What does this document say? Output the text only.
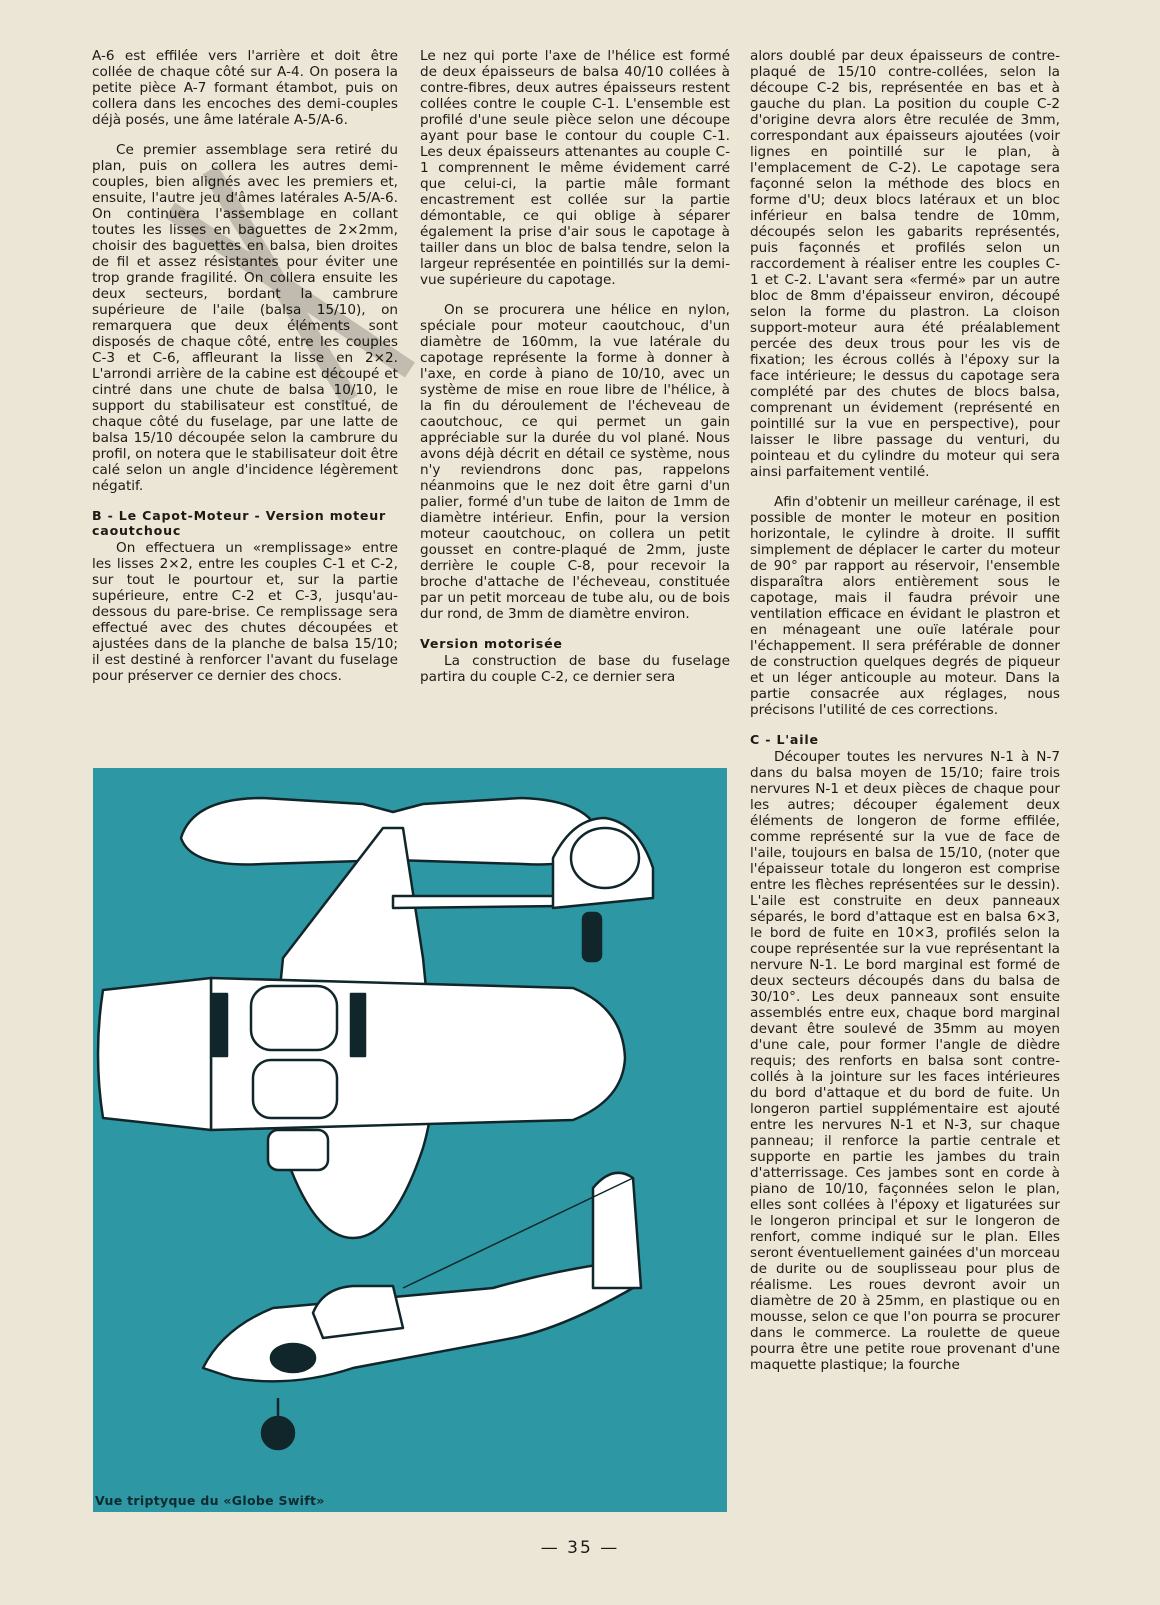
A-6 est effilée vers l'arrière et doit être collée de chaque côté sur A-4. On posera la petite pièce A-7 formant étambot, puis on collera dans les encoches des demi-couples déjà posés, une âme latérale A-5/A-6.

Ce premier assemblage sera retiré du plan, puis on collera les autres demi-couples, bien alignés avec les premiers et, ensuite, l'autre jeu d'âmes latérales A-5/A-6. On continuera l'assemblage en collant toutes les lisses en baguettes de 2×2mm, choisir des baguettes en balsa, bien droites de fil et assez résistantes pour éviter une trop grande fragilité. On collera ensuite les deux secteurs, bordant la cambrure supérieure de l'aile (balsa 15/10), on remarquera que deux éléments sont disposés de chaque côté, entre les couples C-3 et C-6, affleurant la lisse en 2×2. L'arrondi arrière de la cabine est découpé et cintré dans une chute de balsa 10/10, le support du stabilisateur est constitué, de chaque côté du fuselage, par une latte de balsa 15/10 découpée selon la cambrure du profil, on notera que le stabilisateur doit être calé selon un angle d'incidence légèrement négatif.

B - Le Capot-Moteur - Version moteur caoutchouc

On effectuera un «remplissage» entre les lisses 2×2, entre les couples C-1 et C-2, sur tout le pourtour et, sur la partie supérieure, entre C-2 et C-3, jusqu'au-dessous du pare-brise. Ce remplissage sera effectué avec des chutes découpées et ajustées dans de la planche de balsa 15/10; il est destiné à renforcer l'avant du fuselage pour préserver ce dernier des chocs.

Le nez qui porte l'axe de l'hélice est formé de deux épaisseurs de balsa 40/10 collées à contre-fibres, deux autres épaisseurs restent collées contre le couple C-1. L'ensemble est profilé d'une seule pièce selon une découpe ayant pour base le contour du couple C-1. Les deux épaisseurs attenantes au couple C-1 comprennent le même évidement carré que celui-ci, la partie mâle formant encastrement est collée sur la partie démontable, ce qui oblige à séparer également la prise d'air sous le capotage à tailler dans un bloc de balsa tendre, selon la largeur représentée en pointillés sur la demi-vue supérieure du capotage.

On se procurera une hélice en nylon, spéciale pour moteur caoutchouc, d'un diamètre de 160mm, la vue latérale du capotage représente la forme à donner à l'axe, en corde à piano de 10/10, avec un système de mise en roue libre de l'hélice, à la fin du déroulement de l'écheveau de caoutchouc, ce qui permet un gain appréciable sur la durée du vol plané. Nous avons déjà décrit en détail ce système, nous n'y reviendrons donc pas, rappelons néanmoins que le nez doit être garni d'un palier, formé d'un tube de laiton de 1mm de diamètre intérieur. Enfin, pour la version moteur caoutchouc, on collera un petit gousset en contre-plaqué de 2mm, juste derrière le couple C-8, pour recevoir la broche d'attache de l'écheveau, constituée par un petit morceau de tube alu, ou de bois dur rond, de 3mm de diamètre environ.

Version motorisée

La construction de base du fuselage partira du couple C-2, ce dernier sera

alors doublé par deux épaisseurs de contre-plaqué de 15/10 contre-collées, selon la découpe C-2 bis, représentée en bas et à gauche du plan. La position du couple C-2 d'origine devra alors être reculée de 3mm, correspondant aux épaisseurs ajoutées (voir lignes en pointillé sur le plan, à l'emplacement de C-2). Le capotage sera façonné selon la méthode des blocs en forme d'U; deux blocs latéraux et un bloc inférieur en balsa tendre de 10mm, découpés selon les gabarits représentés, puis façonnés et profilés selon un raccordement à réaliser entre les couples C-1 et C-2. L'avant sera «fermé» par un autre bloc de 8mm d'épaisseur environ, découpé selon la forme du plastron. La cloison support-moteur aura été préalablement percée des deux trous pour les vis de fixation; les écrous collés à l'époxy sur la face intérieure; le dessus du capotage sera complété par des chutes de blocs balsa, comprenant un évidement (représenté en pointillé sur la vue en perspective), pour laisser le libre passage du venturi, du pointeau et du cylindre du moteur qui sera ainsi parfaitement ventilé.

Afin d'obtenir un meilleur carénage, il est possible de monter le moteur en position horizontale, le cylindre à droite. Il suffit simplement de déplacer le carter du moteur de 90° par rapport au réservoir, l'ensemble disparaîtra alors entièrement sous le capotage, mais il faudra prévoir une ventilation efficace en évidant le plastron et en ménageant une ouïe latérale pour l'échappement. Il sera préférable de donner de construction quelques degrés de piqueur et un léger anticouple au moteur. Dans la partie consacrée aux réglages, nous précisons l'utilité de ces corrections.

C - L'aile

Découper toutes les nervures N-1 à N-7 dans du balsa moyen de 15/10; faire trois nervures N-1 et deux pièces de chaque pour les autres; découper également deux éléments de longeron de forme effilée, comme représenté sur la vue de face de l'aile, toujours en balsa de 15/10, (noter que l'épaisseur totale du longeron est comprise entre les flèches représentées sur le dessin). L'aile est construite en deux panneaux séparés, le bord d'attaque est en balsa 6×3, le bord de fuite en 10×3, profilés selon la coupe représentée sur la vue représentant la nervure N-1. Le bord marginal est formé de deux secteurs découpés dans du balsa de 30/10°. Les deux panneaux sont ensuite assemblés entre eux, chaque bord marginal devant être soulevé de 35mm au moyen d'une cale, pour former l'angle de dièdre requis; des renforts en balsa sont contre-collés à la jointure sur les faces intérieures du bord d'attaque et du bord de fuite. Un longeron partiel supplémentaire est ajouté entre les nervures N-1 et N-3, sur chaque panneau; il renforce la partie centrale et supporte en partie les jambes du train d'atterrissage. Ces jambes sont en corde à piano de 10/10, façonnées selon le plan, elles sont collées à l'époxy et ligaturées sur le longeron principal et sur le longeron de renfort, comme indiqué sur le plan. Elles seront éventuellement gainées d'un morceau de durite ou de souplisseau pour plus de réalisme. Les roues devront avoir un diamètre de 20 à 25mm, en plastique ou en mousse, selon ce que l'on pourra se procurer dans le commerce. La roulette de queue pourra être une petite roue provenant d'une maquette plastique; la fourche

Vue triptyque du «Globe Swift»
— 35 —
